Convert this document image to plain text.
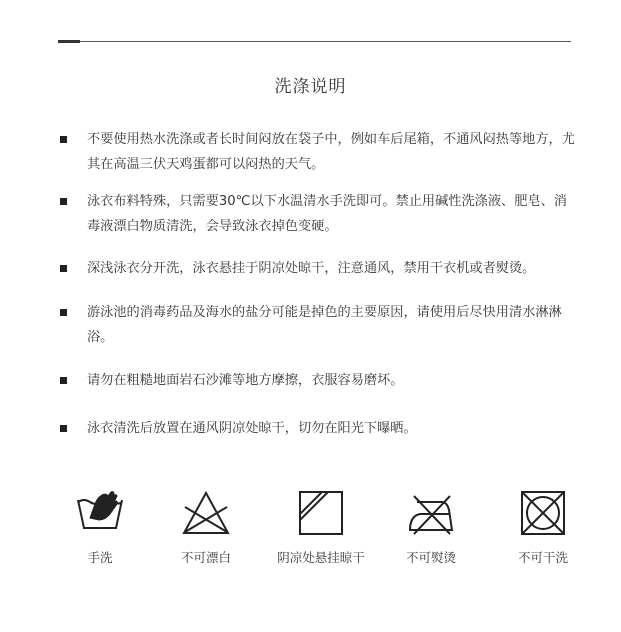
洗涤说明
不要使用热水洗涤或者长时间闷放在袋子中，例如车后尾箱，不通风闷热等地方，尤其在高温三伏天鸡蛋都可以闷热的天气。
泳衣布料特殊，只需要30℃以下水温清水手洗即可。禁止用碱性洗涤液、肥皂、消毒液漂白物质清洗，会导致泳衣掉色变硬。
深浅泳衣分开洗，泳衣悬挂于阴凉处晾干，注意通风，禁用干衣机或者熨烫。
游泳池的消毒药品及海水的盐分可能是掉色的主要原因，请使用后尽快用清水淋淋浴。
请勿在粗糙地面岩石沙滩等地方摩擦，衣服容易磨坏。
泳衣清洗后放置在通风阴凉处晾干，切勿在阳光下曝晒。
手洗	不可漂白	阴凉处悬挂晾干	不可熨烫	不可干洗
